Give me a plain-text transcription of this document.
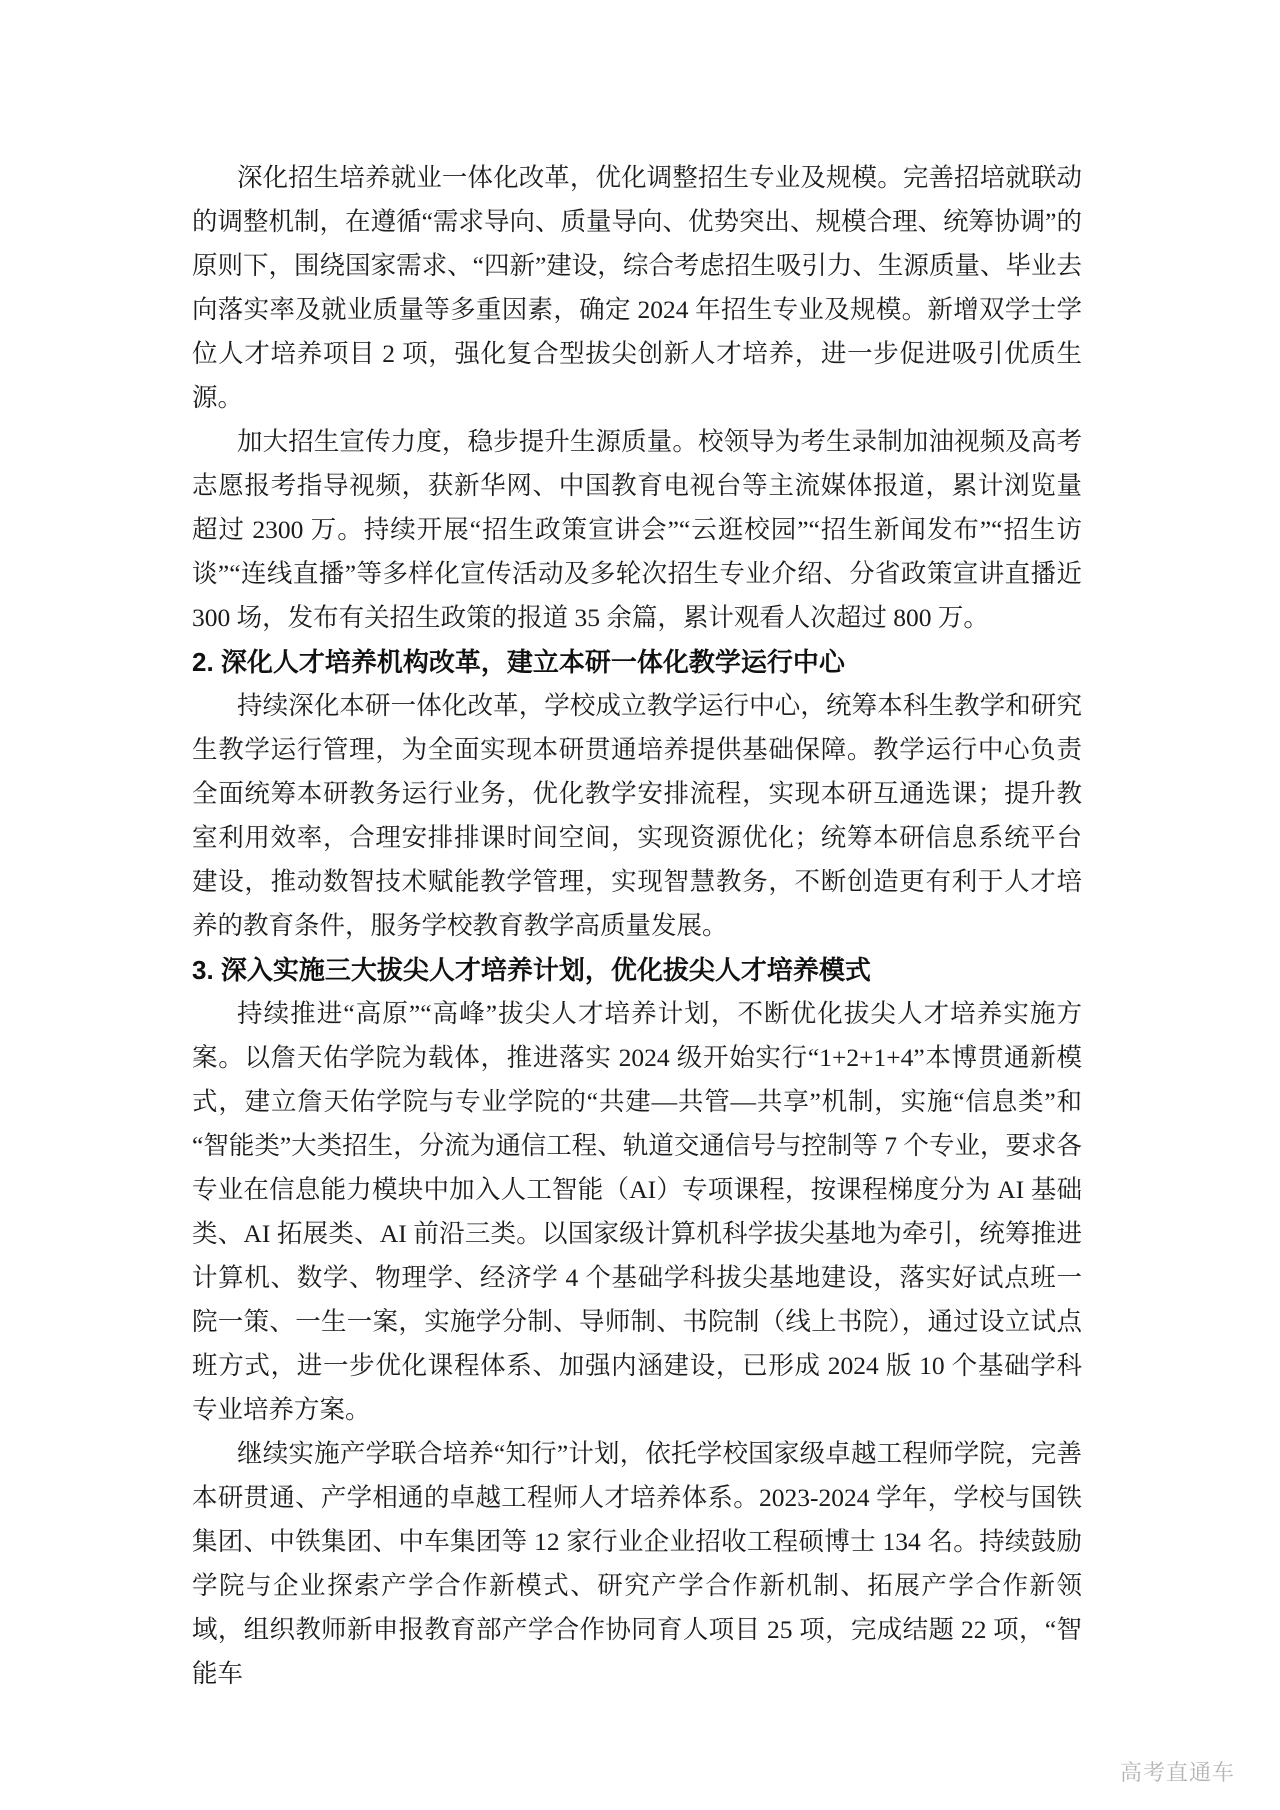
深化招生培养就业一体化改革，优化调整招生专业及规模。完善招培就联动的调整机制，在遵循“需求导向、质量导向、优势突出、规模合理、统筹协调”的原则下，围绕国家需求、“四新”建设，综合考虑招生吸引力、生源质量、毕业去向落实率及就业质量等多重因素，确定 2024 年招生专业及规模。新增双学士学位人才培养项目 2 项，强化复合型拔尖创新人才培养，进一步促进吸引优质生源。

加大招生宣传力度，稳步提升生源质量。校领导为考生录制加油视频及高考志愿报考指导视频，获新华网、中国教育电视台等主流媒体报道，累计浏览量超过 2300 万。持续开展“招生政策宣讲会”“云逛校园”“招生新闻发布”“招生访谈”“连线直播”等多样化宣传活动及多轮次招生专业介绍、分省政策宣讲直播近 300 场，发布有关招生政策的报道 35 余篇，累计观看人次超过 800 万。

2. 深化人才培养机构改革，建立本研一体化教学运行中心

持续深化本研一体化改革，学校成立教学运行中心，统筹本科生教学和研究生教学运行管理，为全面实现本研贯通培养提供基础保障。教学运行中心负责全面统筹本研教务运行业务，优化教学安排流程，实现本研互通选课；提升教室利用效率，合理安排排课时间空间，实现资源优化；统筹本研信息系统平台建设，推动数智技术赋能教学管理，实现智慧教务，不断创造更有利于人才培养的教育条件，服务学校教育教学高质量发展。

3. 深入实施三大拔尖人才培养计划，优化拔尖人才培养模式

持续推进“高原”“高峰”拔尖人才培养计划，不断优化拔尖人才培养实施方案。以詹天佑学院为载体，推进落实 2024 级开始实行“1+2+1+4”本博贯通新模式，建立詹天佑学院与专业学院的“共建—共管—共享”机制，实施“信息类”和“智能类”大类招生，分流为通信工程、轨道交通信号与控制等 7 个专业，要求各专业在信息能力模块中加入人工智能（AI）专项课程，按课程梯度分为 AI 基础类、AI 拓展类、AI 前沿三类。以国家级计算机科学拔尖基地为牵引，统筹推进计算机、数学、物理学、经济学 4 个基础学科拔尖基地建设，落实好试点班一院一策、一生一案，实施学分制、导师制、书院制（线上书院），通过设立试点班方式，进一步优化课程体系、加强内涵建设，已形成 2024 版 10 个基础学科专业培养方案。

继续实施产学联合培养“知行”计划，依托学校国家级卓越工程师学院，完善本研贯通、产学相通的卓越工程师人才培养体系。2023-2024 学年，学校与国铁集团、中铁集团、中车集团等 12 家行业企业招收工程硕博士 134 名。持续鼓励学院与企业探索产学合作新模式、研究产学合作新机制、拓展产学合作新领域，组织教师新申报教育部产学合作协同育人项目 25 项，完成结题 22 项，“智能车

高考直通车
